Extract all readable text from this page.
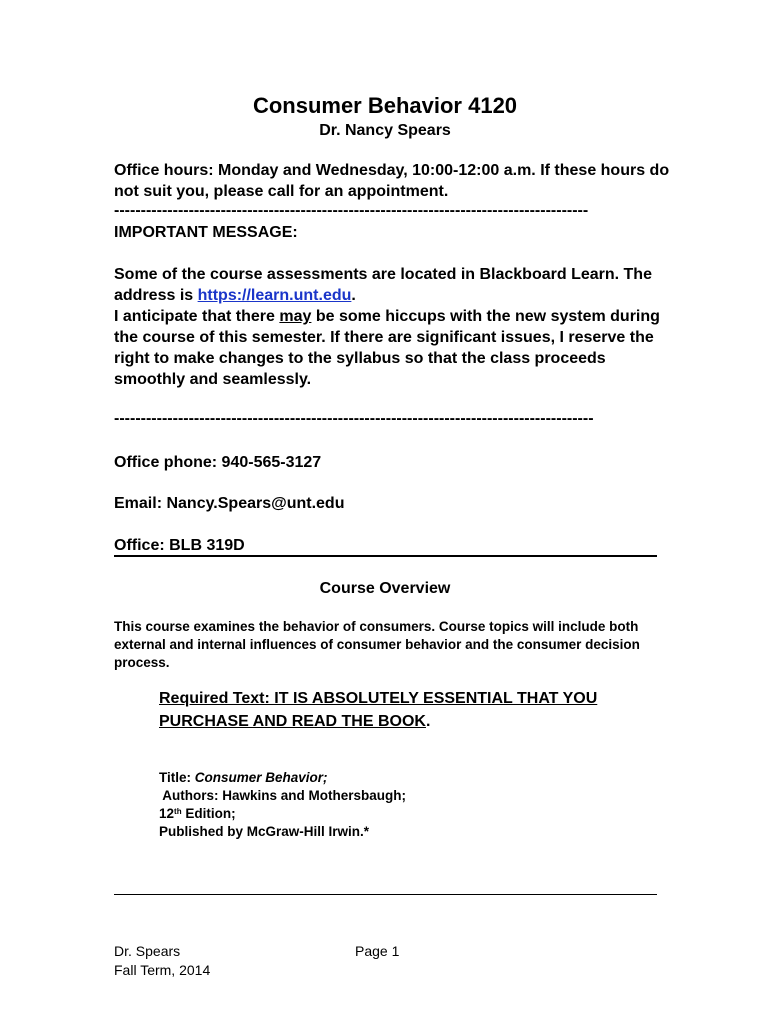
Consumer Behavior 4120
Dr. Nancy Spears
Office hours: Monday and Wednesday, 10:00-12:00 a.m. If these hours do not suit you, please call for an appointment.
-----------------------------------------------------------------------------------------
IMPORTANT MESSAGE:
Some of the course assessments are located in Blackboard Learn. The address is https://learn.unt.edu.
I anticipate that there may be some hiccups with the new system during the course of this semester. If there are significant issues, I reserve the right to make changes to the syllabus so that the class proceeds smoothly and seamlessly.
------------------------------------------------------------------------------------------
Office phone: 940-565-3127
Email: Nancy.Spears@unt.edu
Office: BLB 319D
Course Overview
This course examines the behavior of consumers. Course topics will include both external and internal influences of consumer behavior and the consumer decision process.
Required Text: IT IS ABSOLUTELY ESSENTIAL THAT YOU PURCHASE AND READ THE BOOK.
Title: Consumer Behavior;
Authors: Hawkins and Mothersbaugh;
12th Edition;
Published by McGraw-Hill Irwin.*
Dr. Spears
Fall Term, 2014
Page 1
